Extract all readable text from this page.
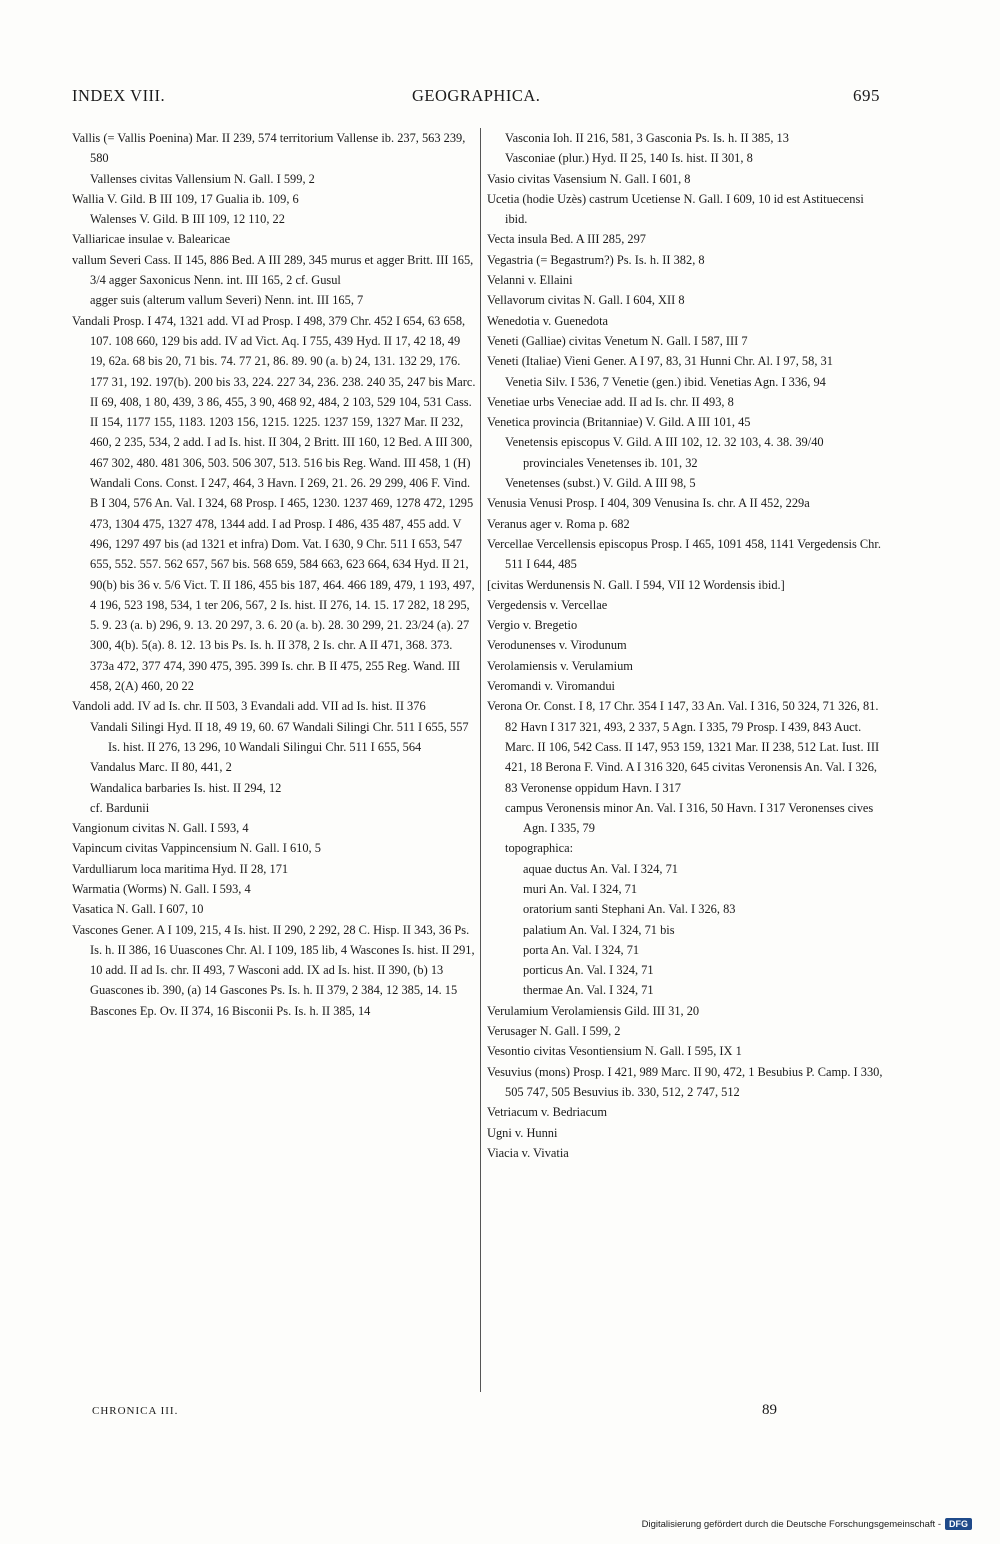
INDEX VIII.	GEOGRAPHICA.	695

Vallis (= Vallis Poenina) Mar. II 239, 574 territorium Vallense ib. 237, 563 239, 580

Vallenses civitas Vallensium N. Gall. I 599, 2

Wallia V. Gild. B III 109, 17 Gualia ib. 109, 6

Walenses V. Gild. B III 109, 12 110, 22

Valliaricae insulae v. Balearicae

vallum Severi Cass. II 145, 886 Bed. A III 289, 345 murus et agger Britt. III 165, 3/4 agger Saxonicus Nenn. int. III 165, 2 cf. Gusul

agger suis (alterum vallum Severi) Nenn. int. III 165, 7

Vandali Prosp. I 474, 1321 add. VI ad Prosp. I 498, 379 Chr. 452 I 654, 63 658, 107. 108 660, 129 bis add. IV ad Vict. Aq. I 755, 439 Hyd. II 17, 42 18, 49 19, 62a. 68 bis 20, 71 bis. 74. 77 21, 86. 89. 90 (a. b) 24, 131. 132 29, 176. 177 31, 192. 197(b). 200 bis 33, 224. 227 34, 236. 238. 240 35, 247 bis Marc. II 69, 408, 1 80, 439, 3 86, 455, 3 90, 468 92, 484, 2 103, 529 104, 531 Cass. II 154, 1177 155, 1183. 1203 156, 1215. 1225. 1237 159, 1327 Mar. II 232, 460, 2 235, 534, 2 add. I ad Is. hist. II 304, 2 Britt. III 160, 12 Bed. A III 300, 467 302, 480. 481 306, 503. 506 307, 513. 516 bis Reg. Wand. III 458, 1 (H) Wandali Cons. Const. I 247, 464, 3 Havn. I 269, 21. 26. 29 299, 406 F. Vind. B I 304, 576 An. Val. I 324, 68 Prosp. I 465, 1230. 1237 469, 1278 472, 1295 473, 1304 475, 1327 478, 1344 add. I ad Prosp. I 486, 435 487, 455 add. V 496, 1297 497 bis (ad 1321 et infra) Dom. Vat. I 630, 9 Chr. 511 I 653, 547 655, 552. 557. 562 657, 567 bis. 568 659, 584 663, 623 664, 634 Hyd. II 21, 90(b) bis 36 v. 5/6 Vict. T. II 186, 455 bis 187, 464. 466 189, 479, 1 193, 497, 4 196, 523 198, 534, 1 ter 206, 567, 2 Is. hist. II 276, 14. 15. 17 282, 18 295, 5. 9. 23 (a. b) 296, 9. 13. 20 297, 3. 6. 20 (a. b). 28. 30 299, 21. 23/24 (a). 27 300, 4(b). 5(a). 8. 12. 13 bis Ps. Is. h. II 378, 2 Is. chr. A II 471, 368. 373. 373a 472, 377 474, 390 475, 395. 399 Is. chr. B II 475, 255 Reg. Wand. III 458, 2(A) 460, 20 22

Vandoli add. IV ad Is. chr. II 503, 3 Evandali add. VII ad Is. hist. II 376

Vandali Silingi Hyd. II 18, 49 19, 60. 67 Wandali Silingi Chr. 511 I 655, 557 Is. hist. II 276, 13 296, 10 Wandali Silingui Chr. 511 I 655, 564

Vandalus Marc. II 80, 441, 2

Wandalica barbaries Is. hist. II 294, 12

cf. Bardunii

Vangionum civitas N. Gall. I 593, 4

Vapincum civitas Vappincensium N. Gall. I 610, 5

Vardulliarum loca maritima Hyd. II 28, 171

Warmatia (Worms) N. Gall. I 593, 4

Vasatica N. Gall. I 607, 10

Vascones Gener. A I 109, 215, 4 Is. hist. II 290, 2 292, 28 C. Hisp. II 343, 36 Ps. Is. h. II 386, 16 Uuascones Chr. Al. I 109, 185 lib, 4 Wascones Is. hist. II 291, 10 add. II ad Is. chr. II 493, 7 Wasconi add. IX ad Is. hist. II 390, (b) 13 Guascones ib. 390, (a) 14 Gascones Ps. Is. h. II 379, 2 384, 12 385, 14. 15 Bascones Ep. Ov. II 374, 16 Bisconii Ps. Is. h. II 385, 14

Vasconia Ioh. II 216, 581, 3 Gasconia Ps. Is. h. II 385, 13

Vasconiae (plur.) Hyd. II 25, 140 Is. hist. II 301, 8

Vasio civitas Vasensium N. Gall. I 601, 8

Ucetia (hodie Uzès) castrum Ucetiense N. Gall. I 609, 10 id est Astituecensi ibid.

Vecta insula Bed. A III 285, 297

Vegastria (= Begastrum?) Ps. Is. h. II 382, 8

Velanni v. Ellaini

Vellavorum civitas N. Gall. I 604, XII 8

Wenedotia v. Guenedota

Veneti (Galliae) civitas Venetum N. Gall. I 587, III 7

Veneti (Italiae) Vieni Gener. A I 97, 83, 31 Hunni Chr. Al. I 97, 58, 31

Venetia Silv. I 536, 7 Venetie (gen.) ibid. Venetias Agn. I 336, 94

Venetiae urbs Veneciae add. II ad Is. chr. II 493, 8

Venetica provincia (Britanniae) V. Gild. A III 101, 45

Venetensis episcopus V. Gild. A III 102, 12. 32 103, 4. 38. 39/40 provinciales Venetenses ib. 101, 32

Venetenses (subst.) V. Gild. A III 98, 5

Venusia Venusi Prosp. I 404, 309 Venusina Is. chr. A II 452, 229a

Veranus ager v. Roma p. 682

Vercellae Vercellensis episcopus Prosp. I 465, 1091 458, 1141 Vergedensis Chr. 511 I 644, 485

[civitas Werdunensis N. Gall. I 594, VII 12 Wordensis ibid.]

Vergedensis v. Vercellae

Vergio v. Bregetio

Verodunenses v. Virodunum

Verolamiensis v. Verulamium

Veromandi v. Viromandui

Verona Or. Const. I 8, 17 Chr. 354 I 147, 33 An. Val. I 316, 50 324, 71 326, 81. 82 Havn I 317 321, 493, 2 337, 5 Agn. I 335, 79 Prosp. I 439, 843 Auct. Marc. II 106, 542 Cass. II 147, 953 159, 1321 Mar. II 238, 512 Lat. Iust. III 421, 18 Berona F. Vind. A I 316 320, 645 civitas Veronensis An. Val. I 326, 83 Veronense oppidum Havn. I 317

campus Veronensis minor An. Val. I 316, 50 Havn. I 317 Veronenses cives Agn. I 335, 79

topographica:

aquae ductus An. Val. I 324, 71

muri An. Val. I 324, 71

oratorium santi Stephani An. Val. I 326, 83

palatium An. Val. I 324, 71 bis

porta An. Val. I 324, 71

porticus An. Val. I 324, 71

thermae An. Val. I 324, 71

Verulamium Verolamiensis Gild. III 31, 20

Verusager N. Gall. I 599, 2

Vesontio civitas Vesontiensium N. Gall. I 595, IX 1

Vesuvius (mons) Prosp. I 421, 989 Marc. II 90, 472, 1 Besubius P. Camp. I 330, 505 747, 505 Besuvius ib. 330, 512, 2 747, 512

Vetriacum v. Bedriacum

Ugni v. Hunni

Viacia v. Vivatia

CHRONICA III.	89
Digitalisierung gefördert durch die Deutsche Forschungsgemeinschaft - DFG
